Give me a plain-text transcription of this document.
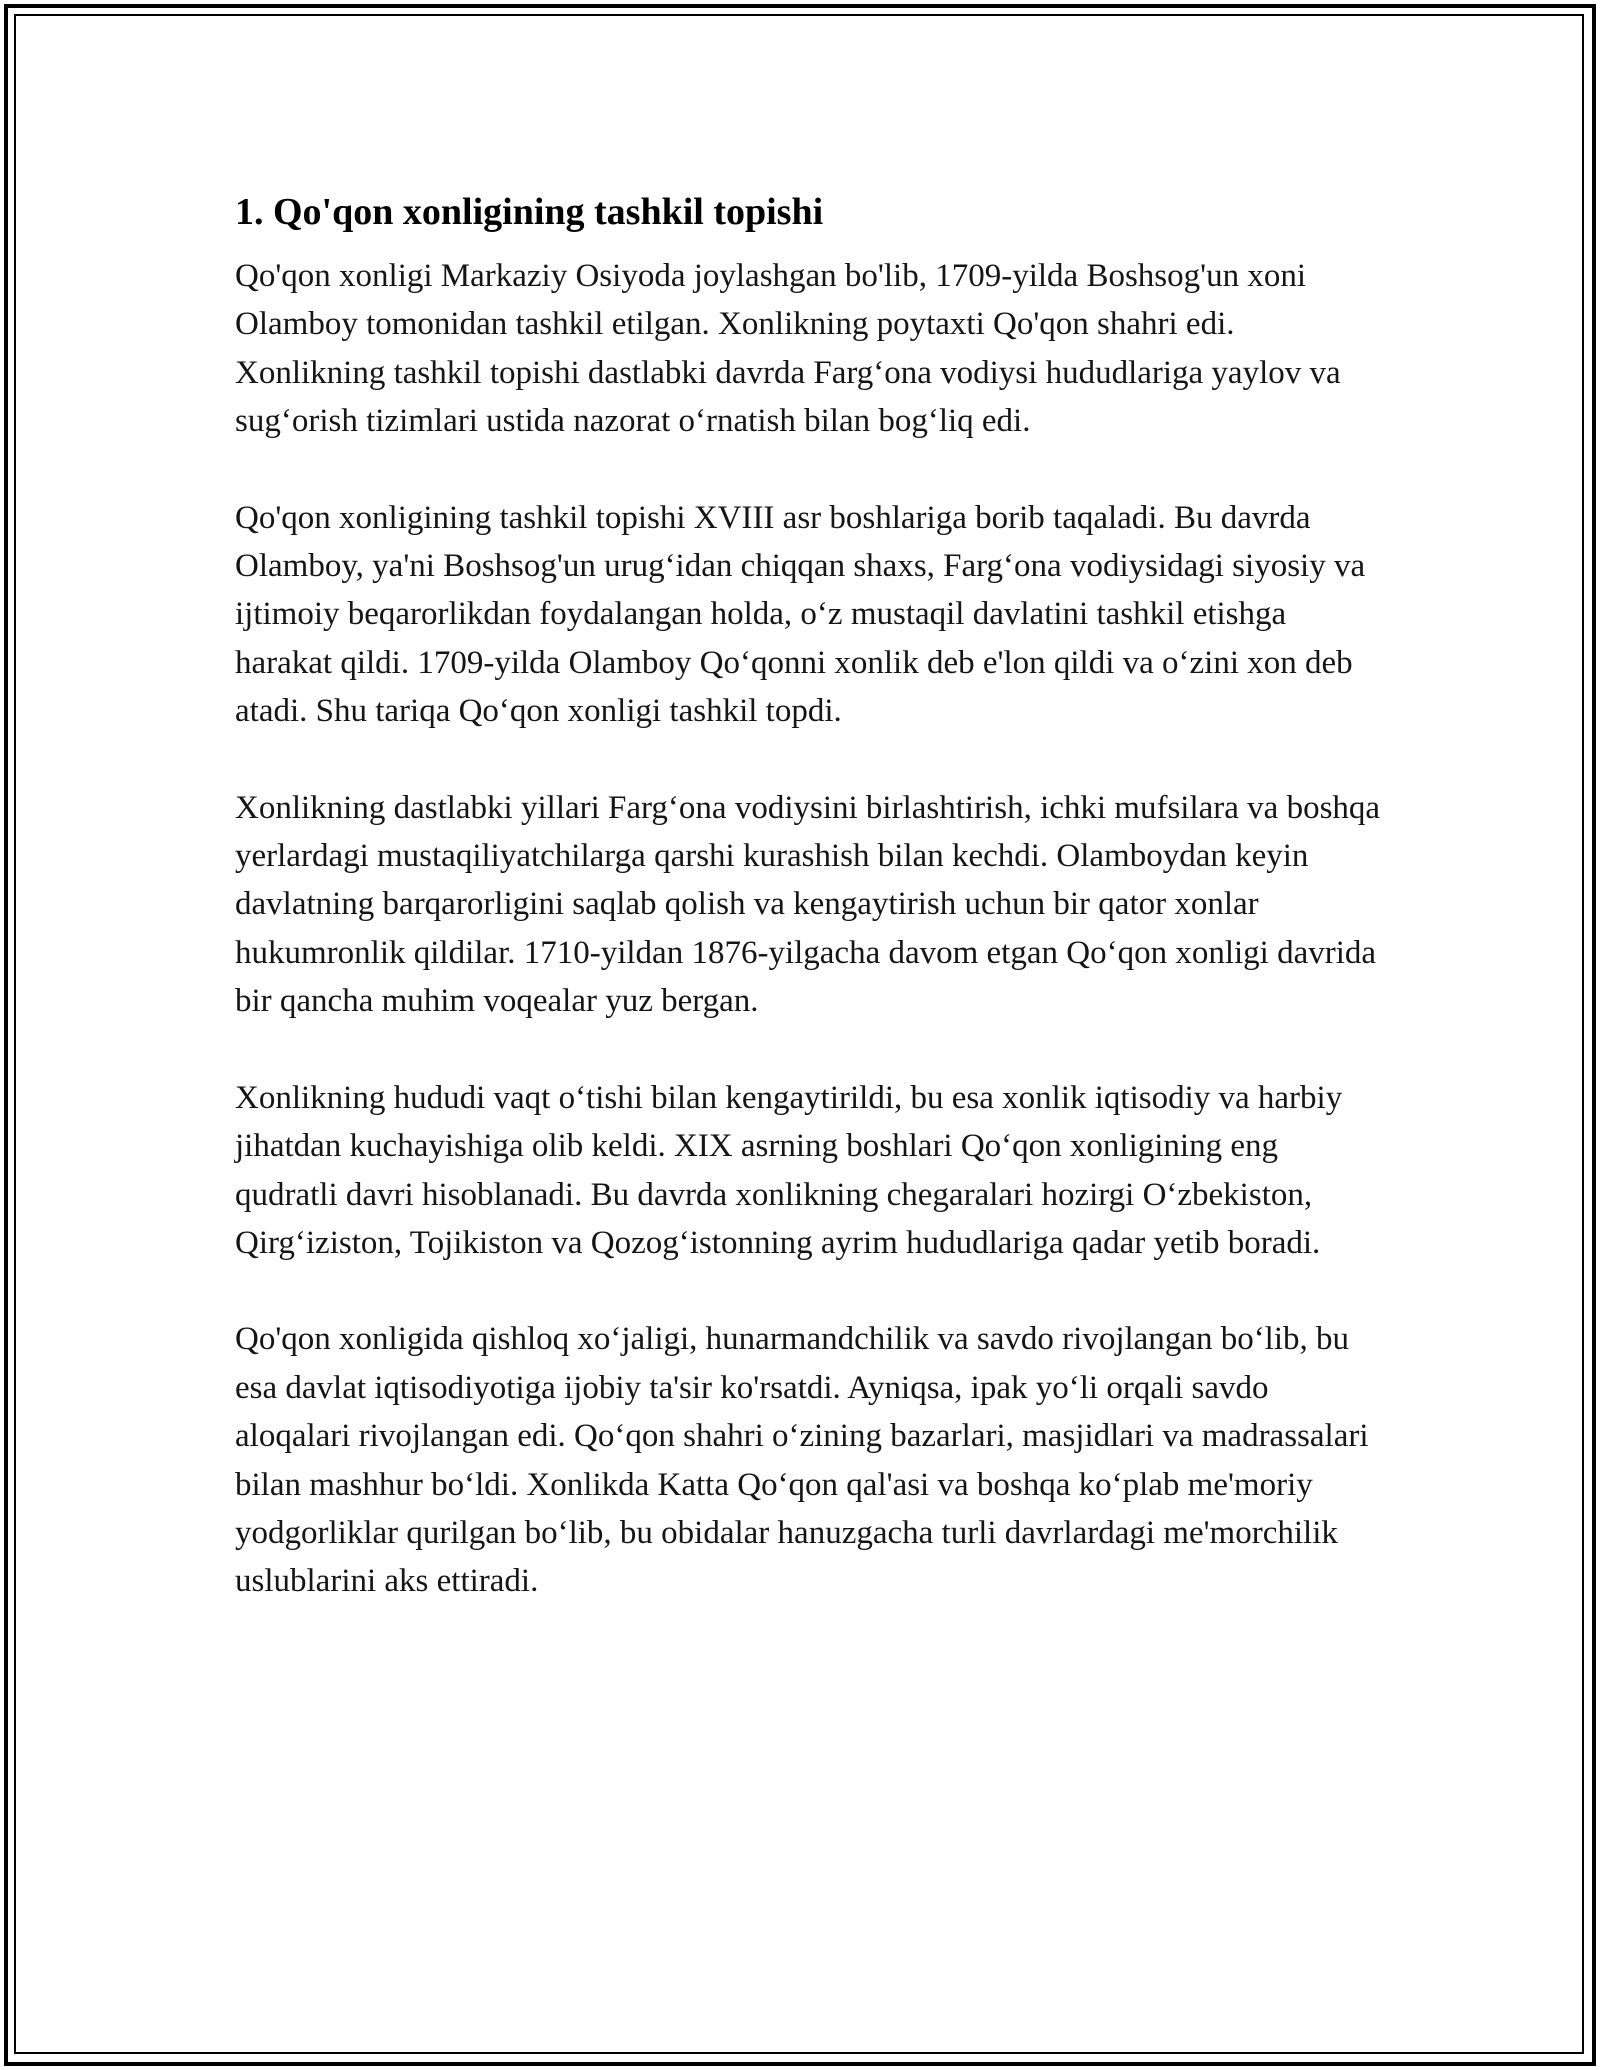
1. Qo'qon xonligining tashkil topishi

Qo'qon xonligi Markaziy Osiyoda joylashgan bo'lib, 1709-yilda Boshsog'un xoni Olamboy tomonidan tashkil etilgan. Xonlikning poytaxti Qo'qon shahri edi. Xonlikning tashkil topishi dastlabki davrda Farg‘ona vodiysi hududlariga yaylov va sug‘orish tizimlari ustida nazorat o‘rnatish bilan bog‘liq edi.

Qo'qon xonligining tashkil topishi XVIII asr boshlariga borib taqaladi. Bu davrda Olamboy, ya'ni Boshsog'un urug‘idan chiqqan shaxs, Farg‘ona vodiysidagi siyosiy va ijtimoiy beqarorlikdan foydalangan holda, o‘z mustaqil davlatini tashkil etishga harakat qildi. 1709-yilda Olamboy Qo‘qonni xonlik deb e'lon qildi va o‘zini xon deb atadi. Shu tariqa Qo‘qon xonligi tashkil topdi.

Xonlikning dastlabki yillari Farg‘ona vodiysini birlashtirish, ichki mufsilara va boshqa yerlardagi mustaqiliyatchilarga qarshi kurashish bilan kechdi. Olamboydan keyin davlatning barqarorligini saqlab qolish va kengaytirish uchun bir qator xonlar hukumronlik qildilar. 1710-yildan 1876-yilgacha davom etgan Qo‘qon xonligi davrida bir qancha muhim voqealar yuz bergan.

Xonlikning hududi vaqt o‘tishi bilan kengaytirildi, bu esa xonlik iqtisodiy va harbiy jihatdan kuchayishiga olib keldi. XIX asrning boshlari Qo‘qon xonligining eng qudratli davri hisoblanadi. Bu davrda xonlikning chegaralari hozirgi O‘zbekiston, Qirg‘iziston, Tojikiston va Qozog‘istonning ayrim hududlariga qadar yetib boradi.

Qo'qon xonligida qishloq xo‘jaligi, hunarmandchilik va savdo rivojlangan bo‘lib, bu esa davlat iqtisodiyotiga ijobiy ta'sir ko'rsatdi. Ayniqsa, ipak yo‘li orqali savdo aloqalari rivojlangan edi. Qo‘qon shahri o‘zining bazarlari, masjidlari va madrassalari bilan mashhur bo‘ldi. Xonlikda Katta Qo‘qon qal'asi va boshqa ko‘plab me'moriy yodgorliklar qurilgan bo‘lib, bu obidalar hanuzgacha turli davrlardagi me'morchilik uslublarini aks ettiradi.
